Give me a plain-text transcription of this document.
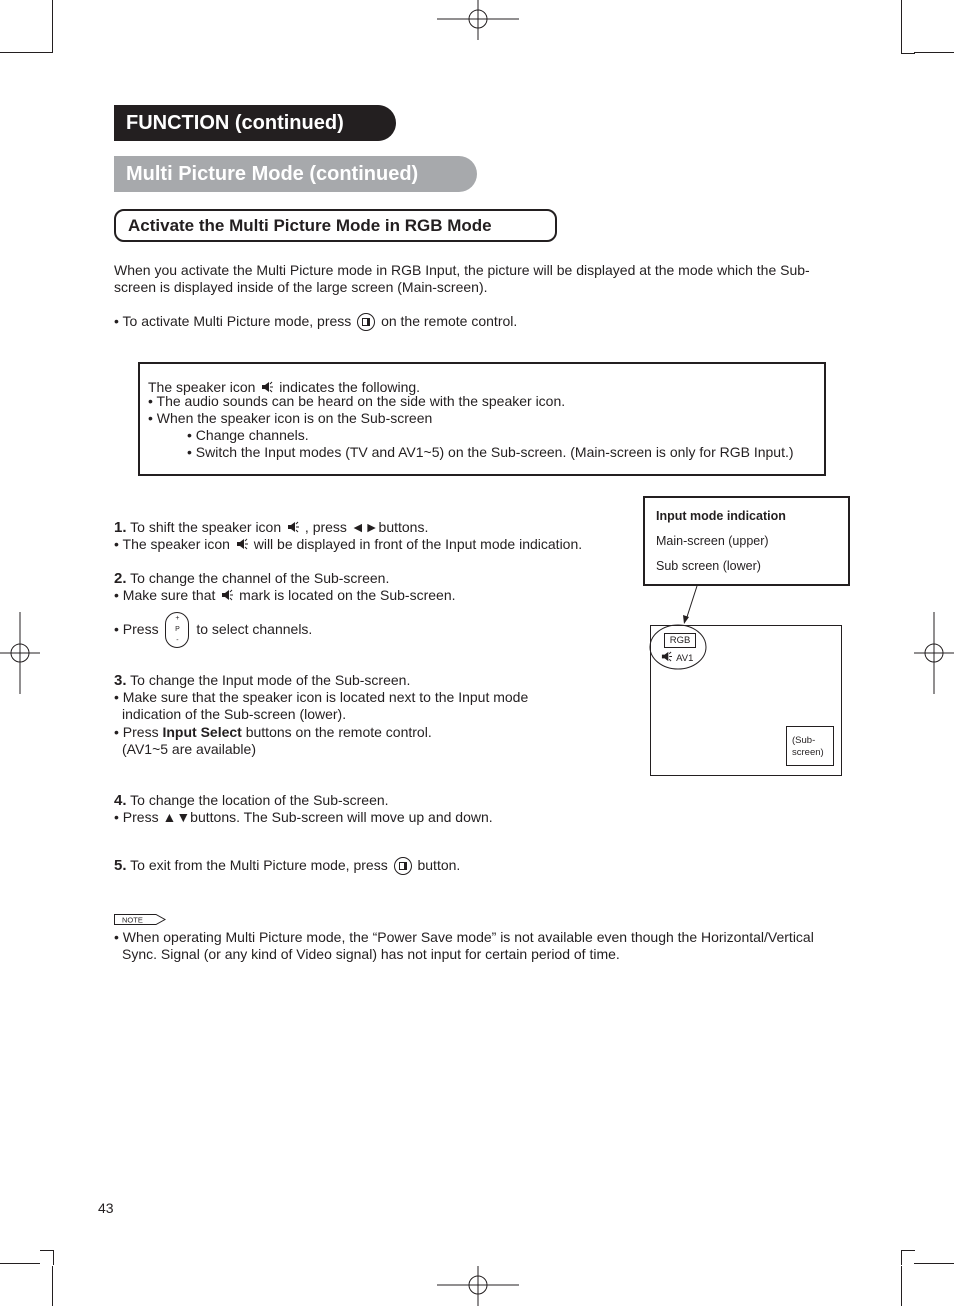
FUNCTION (continued)
Multi Picture Mode (continued)
Activate the Multi Picture Mode in RGB Mode
When you activate the Multi Picture mode in RGB Input, the picture will be displayed at the mode which the Sub-
screen is displayed inside of the large screen (Main-screen).
• To activate Multi Picture mode, press on the remote control.
The speaker icon indicates the following.
• The audio sounds can be heard on the side with the speaker icon.
• When the speaker icon is on the Sub-screen
• Change channels.
• Switch the Input modes (TV and AV1~5) on the Sub-screen. (Main-screen is only for RGB Input.)
1. To shift the speaker icon , press ◄►buttons.
• The speaker icon will be displayed in front of the Input mode indication.
2. To change the channel of the Sub-screen.
• Make sure that mark is located on the Sub-screen.
• Press
+
P
-
to select channels.
3. To change the Input mode of the Sub-screen.
• Make sure that the speaker icon is located next to the Input mode
indication of the Sub-screen (lower).
• Press Input Select buttons on the remote control.
(AV1~5 are available)
4. To change the location of the Sub-screen.
• Press ▲▼buttons. The Sub-screen will move up and down.
5. To exit from the Multi Picture mode, press button.
Input mode indication
Main-screen (upper)
Sub screen (lower)
RGB
AV1
(Sub-
screen)
NOTE
• When operating Multi Picture mode, the “Power Save mode” is not available even though the Horizontal/Vertical
Sync. Signal (or any kind of Video signal) has not input for certain period of time.
43
